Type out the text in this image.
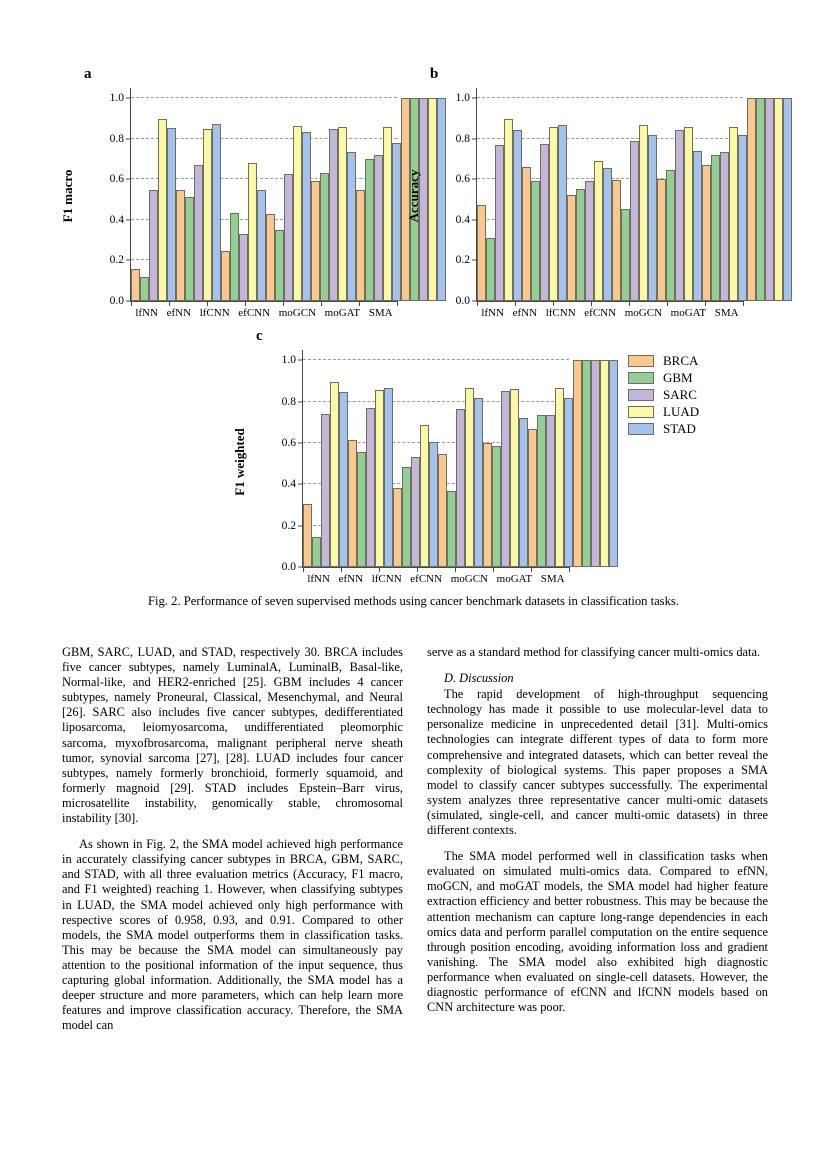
a
F1 macro
0.0
0.2
0.4
0.6
0.8
1.0
lfNN efNN lfCNN efCNN moGCN moGAT SMA
b
Accuracy
0.0
0.2
0.4
0.6
0.8
1.0
lfNN efNN lfCNN efCNN moGCN moGAT SMA
c
F1 weighted
0.0
0.2
0.4
0.6
0.8
1.0
lfNN efNN lfCNN efCNN moGCN moGAT SMA
BRCA
GBM
SARC
LUAD
STAD
Fig. 2. Performance of seven supervised methods using cancer benchmark datasets in classification tasks.

GBM, SARC, LUAD, and STAD, respectively 30. BRCA includes five cancer subtypes, namely LuminalA, LuminalB, Basal-like, Normal-like, and HER2-enriched [25]. GBM includes 4 cancer subtypes, namely Proneural, Classical, Mesenchymal, and Neural [26]. SARC also includes five cancer subtypes, dedifferentiated liposarcoma, leiomyosarcoma, undifferentiated pleomorphic sarcoma, myxofbrosarcoma, malignant peripheral nerve sheath tumor, synovial sarcoma [27], [28]. LUAD includes four cancer subtypes, namely formerly bronchioid, formerly squamoid, and formerly magnoid [29]. STAD includes Epstein–Barr virus, microsatellite instability, genomically stable, chromosomal instability [30].

As shown in Fig. 2, the SMA model achieved high performance in accurately classifying cancer subtypes in BRCA, GBM, SARC, and STAD, with all three evaluation metrics (Accuracy, F1 macro, and F1 weighted) reaching 1. However, when classifying subtypes in LUAD, the SMA model achieved only high performance with respective scores of 0.958, 0.93, and 0.91. Compared to other models, the SMA model outperforms them in classification tasks. This may be because the SMA model can simultaneously pay attention to the positional information of the input sequence, thus capturing global information. Additionally, the SMA model has a deeper structure and more parameters, which can help learn more features and improve classification accuracy. Therefore, the SMA model can

serve as a standard method for classifying cancer multi-omics data.

D. Discussion

The rapid development of high-throughput sequencing technology has made it possible to use molecular-level data to personalize medicine in unprecedented detail [31]. Multi-omics technologies can integrate different types of data to form more comprehensive and integrated datasets, which can better reveal the complexity of biological systems. This paper proposes a SMA model to classify cancer subtypes successfully. The experimental system analyzes three representative cancer multi-omic datasets (simulated, single-cell, and cancer multi-omic datasets) in three different contexts.

The SMA model performed well in classification tasks when evaluated on simulated multi-omics data. Compared to efNN, moGCN, and moGAT models, the SMA model had higher feature extraction efficiency and better robustness. This may be because the attention mechanism can capture long-range dependencies in each omics data and perform parallel computation on the entire sequence through position encoding, avoiding information loss and gradient vanishing. The SMA model also exhibited high diagnostic performance when evaluated on single-cell datasets. However, the diagnostic performance of efCNN and lfCNN models based on CNN architecture was poor.
